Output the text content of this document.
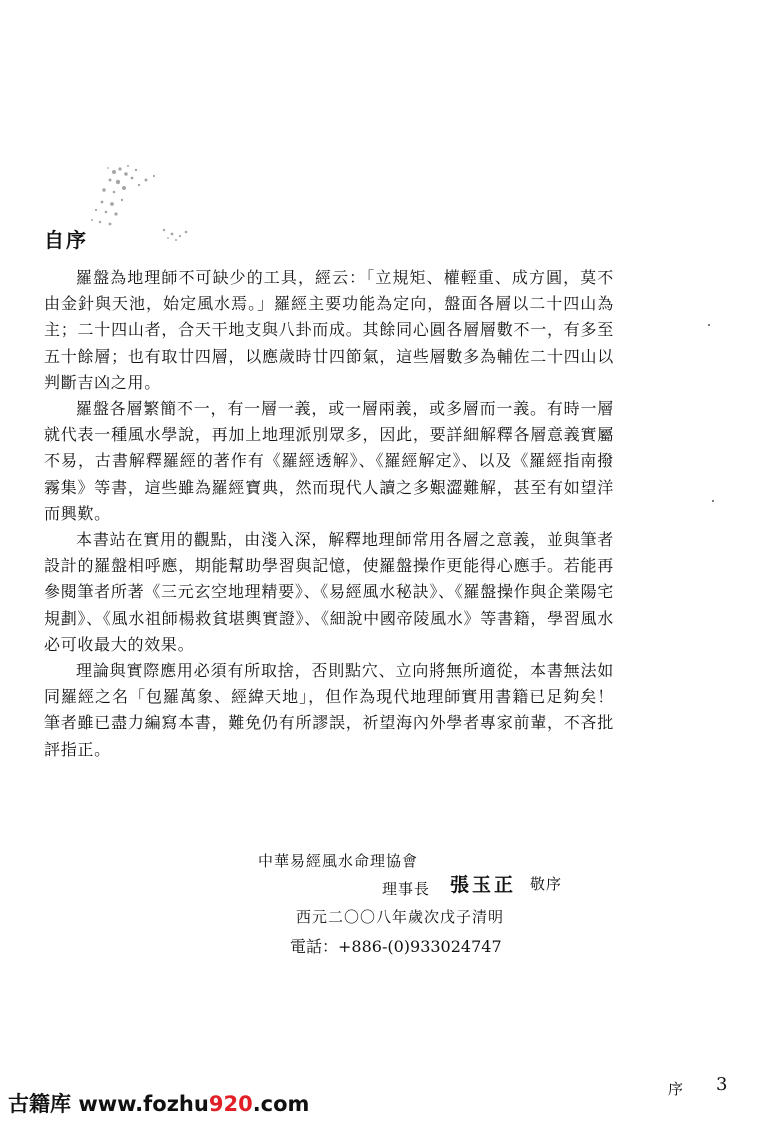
自序

羅盤為地理師不可缺少的工具，經云：「立規矩、權輕重、成方圓，莫不由金針與天池，始定風水焉。」羅經主要功能為定向，盤面各層以二十四山為主；二十四山者，合天干地支與八卦而成。其餘同心圓各層層數不一，有多至五十餘層；也有取廿四層，以應歲時廿四節氣，這些層數多為輔佐二十四山以判斷吉凶之用。

羅盤各層繁簡不一，有一層一義，或一層兩義，或多層而一義。有時一層就代表一種風水學說，再加上地理派別眾多，因此，要詳細解釋各層意義實屬不易，古書解釋羅經的著作有《羅經透解》、《羅經解定》、以及《羅經指南撥霧集》等書，這些雖為羅經寶典，然而現代人讀之多艱澀難解，甚至有如望洋而興歎。

本書站在實用的觀點，由淺入深，解釋地理師常用各層之意義，並與筆者設計的羅盤相呼應，期能幫助學習與記憶，使羅盤操作更能得心應手。若能再參閱筆者所著《三元玄空地理精要》、《易經風水秘訣》、《羅盤操作與企業陽宅規劃》、《風水祖師楊救貧堪輿實證》、《細說中國帝陵風水》等書籍，學習風水必可收最大的效果。

理論與實際應用必須有所取捨，否則點穴、立向將無所適從，本書無法如同羅經之名「包羅萬象、經緯天地」，但作為現代地理師實用書籍已足夠矣！筆者雖已盡力編寫本書，難免仍有所謬誤，祈望海內外學者專家前輩，不吝批評指正。

中華易經風水命理協會
理事長 張玉正 敬序
西元二〇〇八年歲次戊子清明
電話：+886-(0)933024747
古籍库 www.fozhu920.com
序 3
